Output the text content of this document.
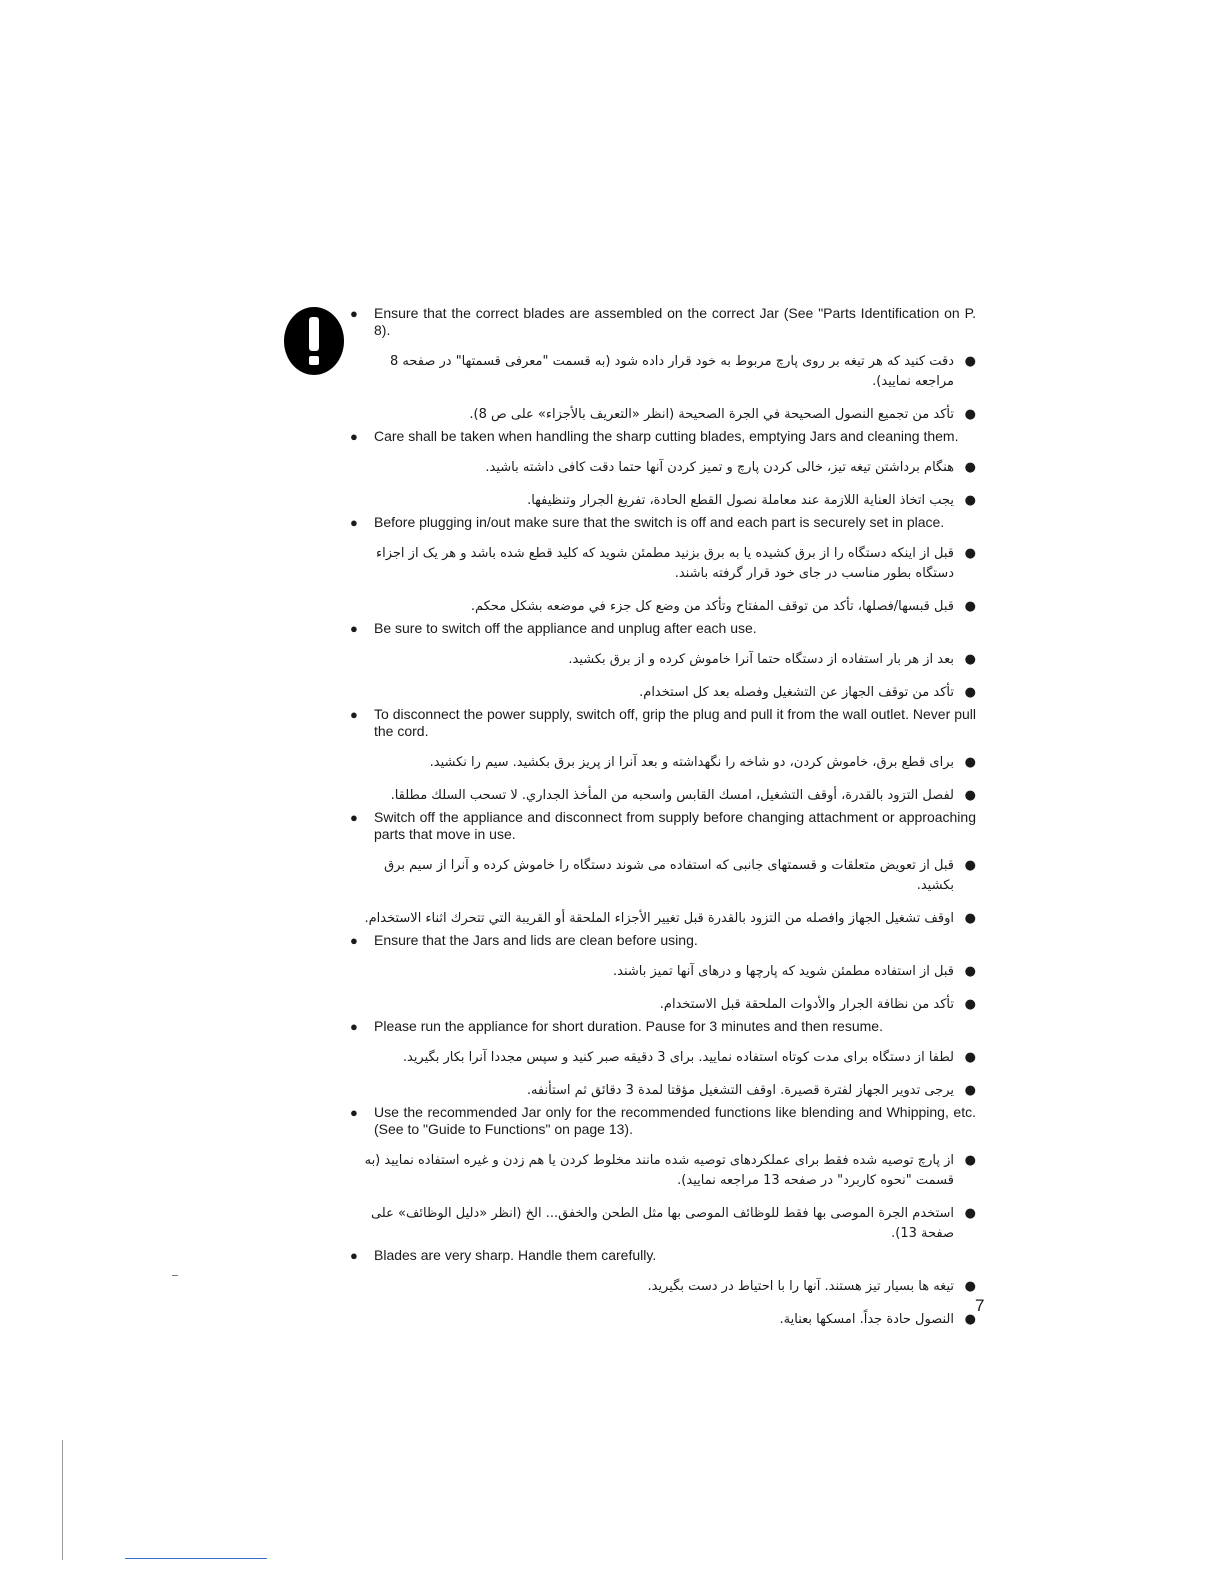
● Ensure that the correct blades are assembled on the correct Jar (See "Parts Identification on P. 8).

● دقت کنید که هر تیغه بر روی پارچ مربوط به خود قرار داده شود (به قسمت "معرفی قسمتها" در صفحه 8 مراجعه نمایید).

● تأكد من تجميع النصول الصحيحة في الجرة الصحيحة (انظر «التعريف بالأجزاء» على ص 8).

● Care shall be taken when handling the sharp cutting blades, emptying Jars and cleaning them.

● هنگام برداشتن تیغه تیز، خالی کردن پارچ و تمیز کردن آنها حتما دقت کافی داشته باشید.

● يجب اتخاذ العناية اللازمة عند معاملة نصول القطع الحادة، تفريغ الجرار وتنظيفها.

● Before plugging in/out make sure that the switch is off and each part is securely set in place.

● قبل از اینکه دستگاه را از برق کشیده یا به برق بزنید مطمئن شوید که کلید قطع شده باشد و هر یک از اجزاء دستگاه بطور مناسب در جای خود قرار گرفته باشند.

● قبل قبسها/فصلها، تأكد من توقف المفتاح وتأكد من وضع كل جزء في موضعه بشكل محكم.

● Be sure to switch off the appliance and unplug after each use.

● بعد از هر بار استفاده از دستگاه حتما آنرا خاموش کرده و از برق بکشید.

● تأكد من توقف الجهاز عن التشغيل وفصله بعد كل استخدام.

● To disconnect the power supply, switch off, grip the plug and pull it from the wall outlet. Never pull the cord.

● برای قطع برق، خاموش کردن، دو شاخه را نگهداشته و بعد آنرا از پریز برق بکشید. سیم را نکشید.

● لفصل التزود بالقدرة، أوقف التشغيل، امسك القابس واسحبه من المأخذ الجداري. لا تسحب السلك مطلقا.

● Switch off the appliance and disconnect from supply before changing attachment or approaching parts that move in use.

● قبل از تعویض متعلقات و قسمتهای جانبی که استفاده می شوند دستگاه را خاموش کرده و آنرا از سیم برق بکشید.

● اوقف تشغيل الجهاز وافصله من التزود بالقدرة قبل تغيير الأجزاء الملحقة أو القريبة التي تتحرك اثناء الاستخدام.

● Ensure that the Jars and lids are clean before using.

● قبل از استفاده مطمئن شوید که پارچها و درهای آنها تمیز باشند.

● تأكد من نظافة الجرار والأدوات الملحقة قبل الاستخدام.

● Please run the appliance for short duration. Pause for 3 minutes and then resume.

● لطفا از دستگاه برای مدت کوتاه استفاده نمایید. برای 3 دقیقه صبر کنید و سپس مجددا آنرا بکار بگیرید.

● يرجى تدوير الجهاز لفترة قصيرة. اوقف التشغيل مؤقتا لمدة 3 دقائق ثم استأنفه.

● Use the recommended Jar only for the recommended functions like blending and Whipping, etc. (See to "Guide to Functions" on page 13).

● از پارچ توصیه شده فقط برای عملکردهای توصیه شده مانند مخلوط کردن یا هم زدن و غیره استفاده نمایید (به قسمت "نحوه کاربرد" در صفحه 13 مراجعه نمایید).

● استخدم الجرة الموصى بها فقط للوظائف الموصى بها مثل الطحن والخفق... الخ (انظر «دليل الوظائف» على صفحة 13).

● Blades are very sharp. Handle them carefully.

● تیغه ها بسیار تیز هستند. آنها را با احتیاط در دست بگیرید.

● النصول حادة جداً. امسكها بعناية.

7
